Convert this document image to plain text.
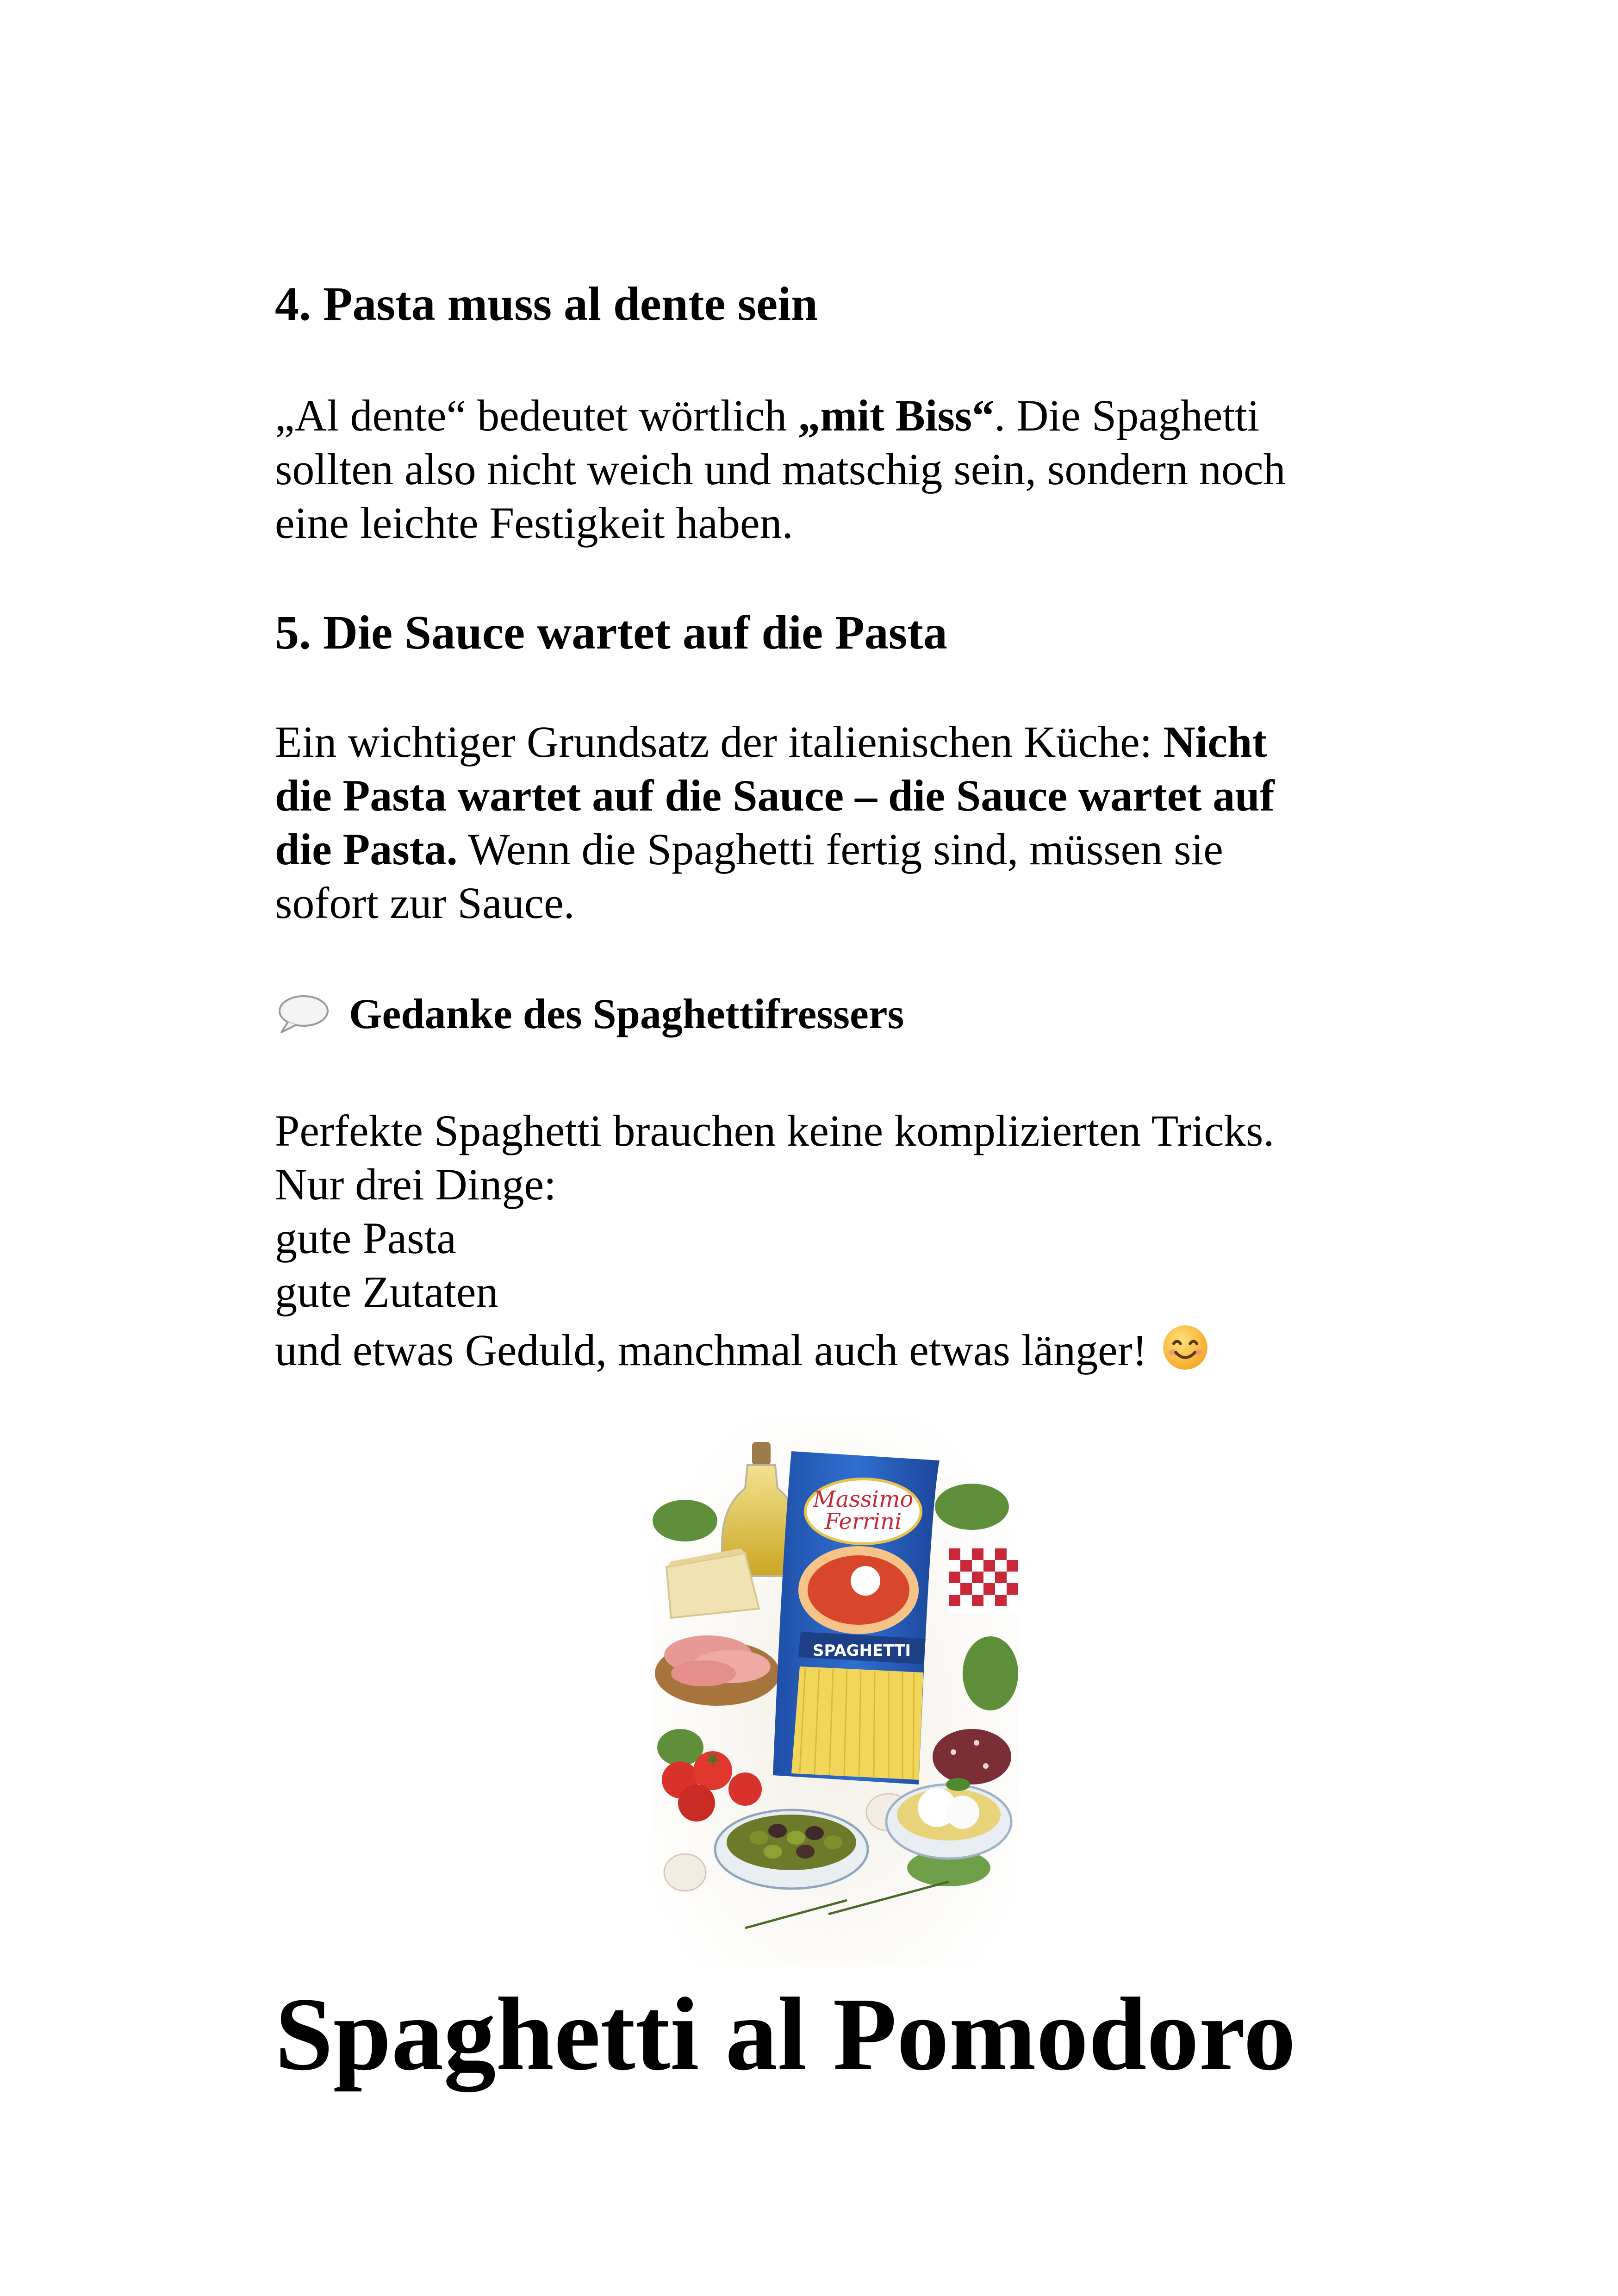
4. Pasta muss al dente sein
„Al dente“ bedeutet wörtlich „mit Biss“. Die Spaghetti
sollten also nicht weich und matschig sein, sondern noch
eine leichte Festigkeit haben.
5. Die Sauce wartet auf die Pasta
Ein wichtiger Grundsatz der italienischen Küche: Nicht
die Pasta wartet auf die Sauce – die Sauce wartet auf
die Pasta. Wenn die Spaghetti fertig sind, müssen sie
sofort zur Sauce.
Gedanke des Spaghettifressers
Perfekte Spaghetti brauchen keine komplizierten Tricks.
Nur drei Dinge:
gute Pasta
gute Zutaten
und etwas Geduld, manchmal auch etwas länger!
Massimo
Ferrini
SPAGHETTI
Spaghetti al Pomodoro
